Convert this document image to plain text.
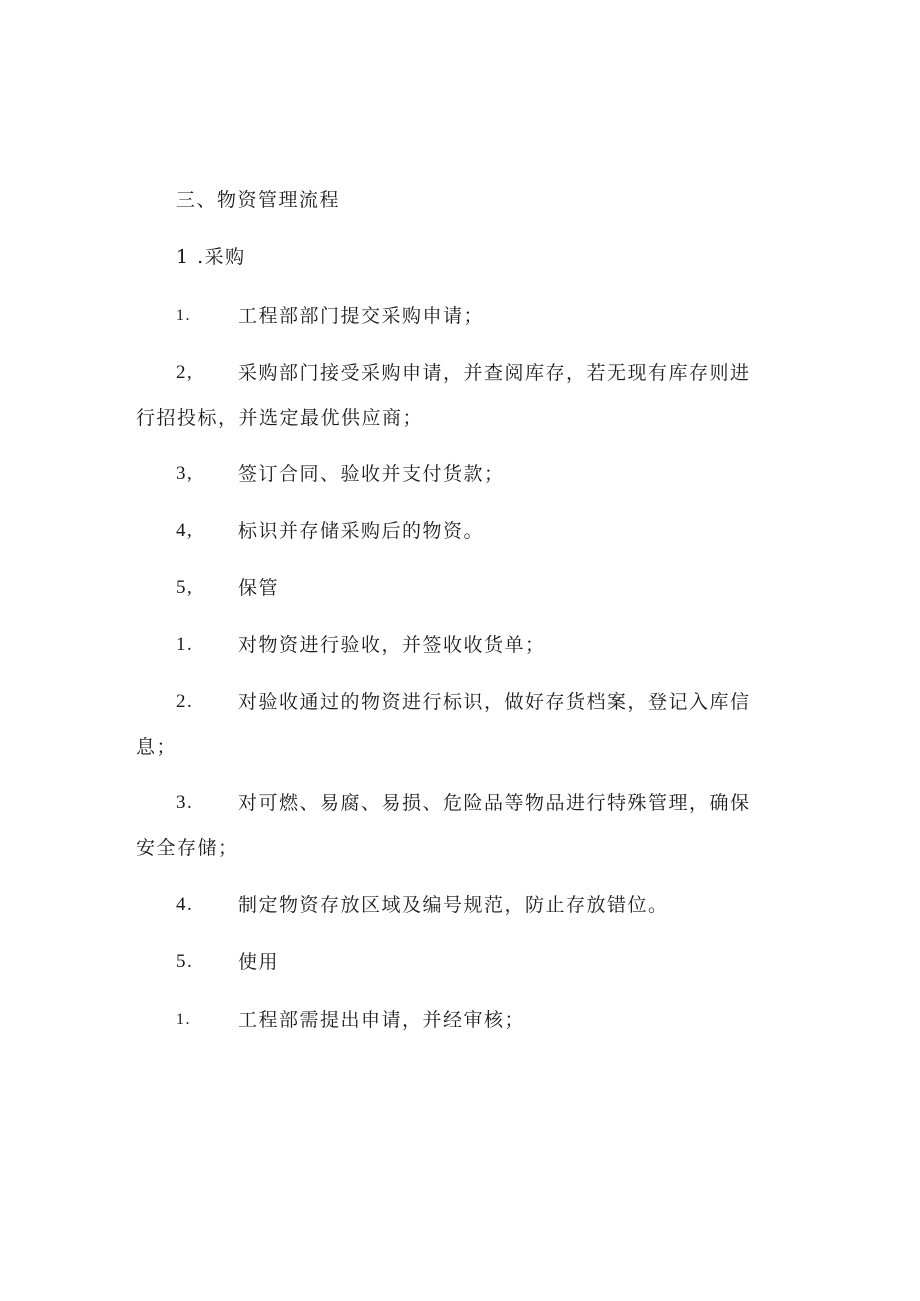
三、物资管理流程
1 .采购
1. 工程部部门提交采购申请；
2, 采购部门接受采购申请，并查阅库存，若无现有库存则进
行招投标，并选定最优供应商；
3, 签订合同、验收并支付货款；
4, 标识并存储采购后的物资。
5, 保管
1. 对物资进行验收，并签收收货单；
2. 对验收通过的物资进行标识，做好存货档案，登记入库信
息；
3. 对可燃、易腐、易损、危险品等物品进行特殊管理，确保
安全存储；
4. 制定物资存放区域及编号规范，防止存放错位。
5. 使用
1. 工程部需提出申请，并经审核；
